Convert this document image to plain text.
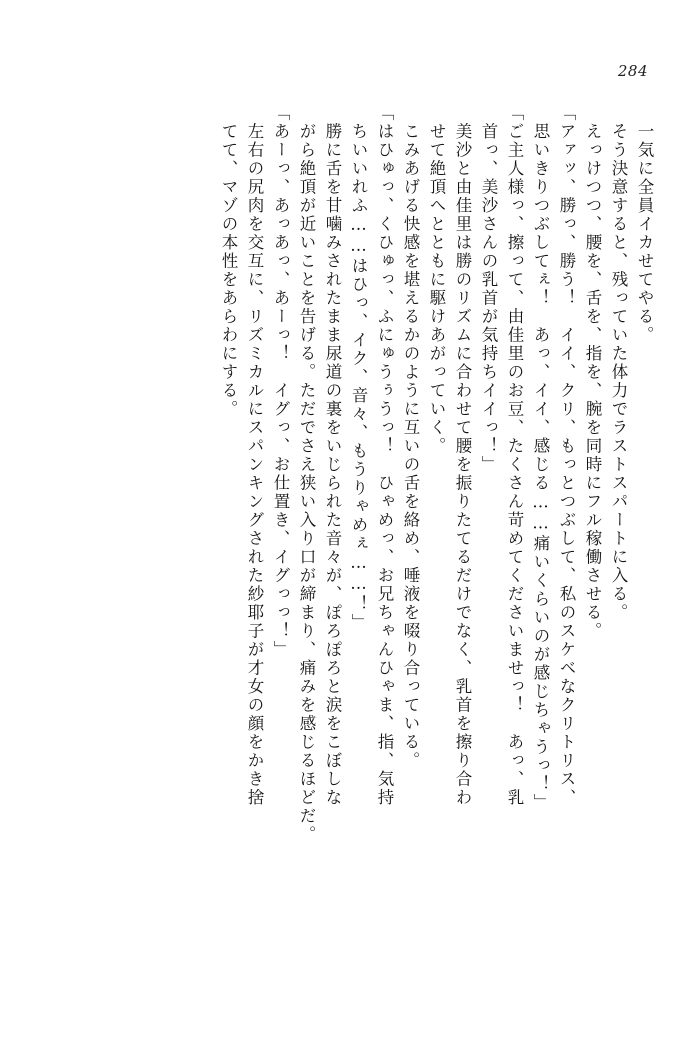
284
　一気に全員イカせてやる。
　そう決意すると、残っていた体力でラストスパートに入る。
　えっけつつ、腰を、舌を、指を、腕を同時にフル稼働させる。
「アァッ、勝っ、勝う！　イイ、クリ、もっとつぶして、私のスケベなクリトリス、
　思いきりつぶしてぇ！　あっ、イイ、感じる……痛いくらいのが感じちゃうっ！」
「ご主人様っ、擦って、由佳里のお豆、たくさん苛めてくださいませっ！　あっ、乳
　首っ、美沙さんの乳首が気持ちイイっ！」
　美沙と由佳里は勝のリズムに合わせて腰を振りたてるだけでなく、乳首を擦り合わ
　せて絶頂へとともに駆けあがっていく。
　こみあげる快感を堪えるかのように互いの舌を絡め、唾液を啜り合っている。
「はひゅっ、くひゅっ、ふにゅうぅうっ！　ひゃめっ、お兄ちゃんひゃま、指、気持
　ちいいれふ……はひっ、イク、音々、もうりゃめぇ……！」
　勝に舌を甘噛みされたまま尿道の裏をいじられた音々が、ぽろぽろと涙をこぼしな
　がら絶頂が近いことを告げる。ただでさえ狭い入り口が締まり、痛みを感じるほどだ。
「あーっ、あっあっ、あーっ！　イグっ、お仕置き、イグっっ！」
　左右の尻肉を交互に、リズミカルにスパンキングされた紗耶子が才女の顔をかき捨
　てて、マゾの本性をあらわにする。
